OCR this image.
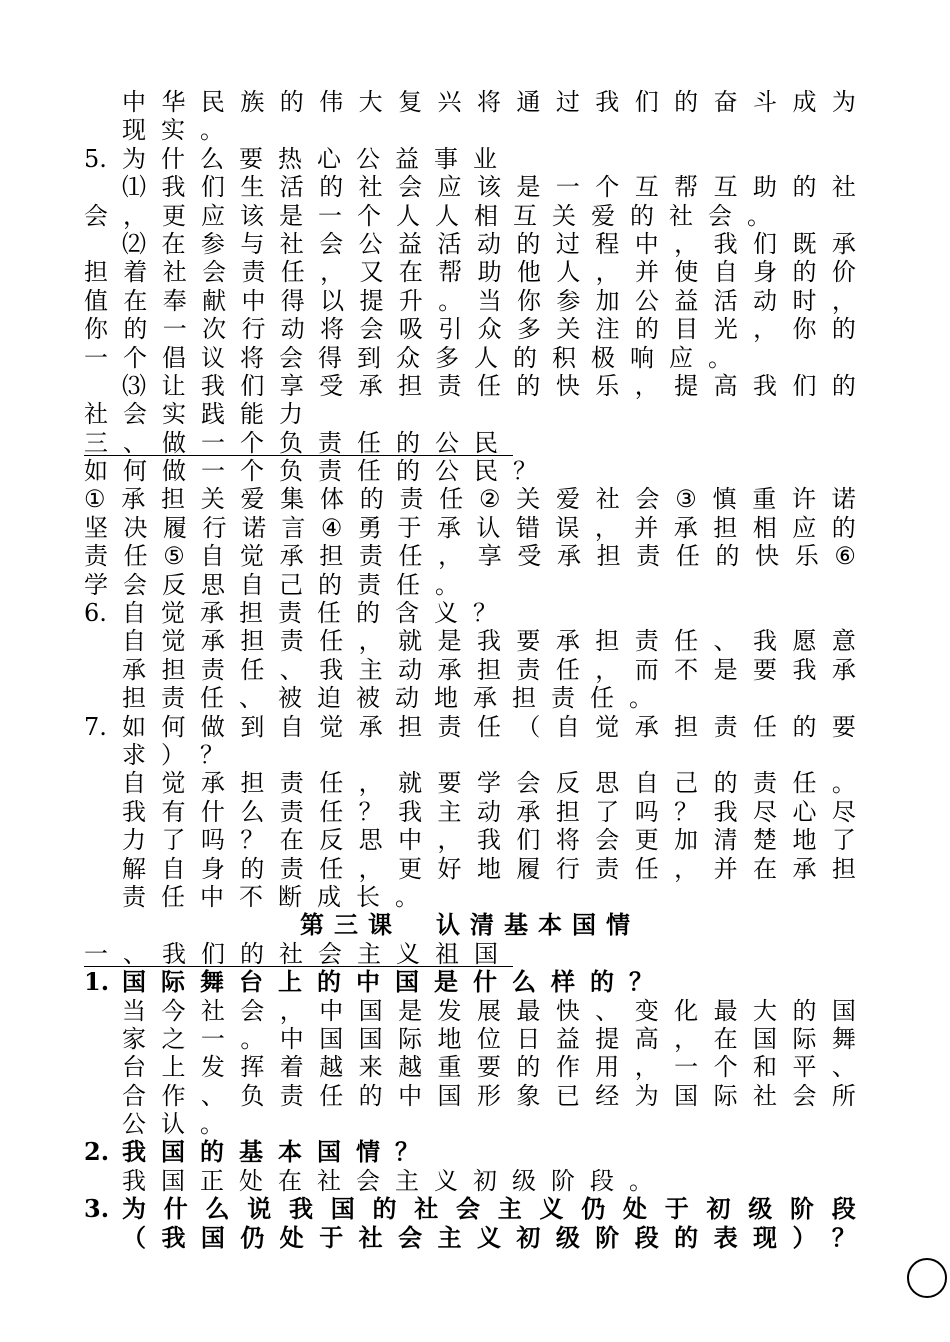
中 华 民 族 的 伟 大 复 兴 将 通 过 我 们 的 奋 斗 成 为
现实。
5. 为什么要热心公益事业
⑴ 我 们 生 活 的 社 会 应 该 是 一 个 互 帮 互 助 的 社
会，更应该是一个人人相互关爱的社会。
⑵ 在 参 与 社 会 公 益 活 动 的 过 程 中 ， 我 们 既 承
担 着 社 会 责 任 ， 又 在 帮 助 他 人 ， 并 使 自 身 的 价
值 在 奉 献 中 得 以 提 升 。 当 你 参 加 公 益 活 动 时 ，
你 的 一 次 行 动 将 会 吸 引 众 多 关 注 的 目 光 ， 你 的
一个倡议将会得到众多人的积极响应。
⑶ 让 我 们 享 受 承 担 责 任 的 快 乐 ， 提 高 我 们 的
社会实践能力
三、做一个负责任的公民
如何做一个负责任的公民？
① 承 担 关 爱 集 体 的 责 任 ② 关 爱 社 会 ③ 慎 重 许 诺
坚 决 履 行 诺 言 ④ 勇 于 承 认 错 误 ， 并 承 担 相 应 的
责 任 ⑤ 自 觉 承 担 责 任 ， 享 受 承 担 责 任 的 快 乐 ⑥
学会反思自己的责任。
6. 自觉承担责任的含义？
自 觉 承 担 责 任 ， 就 是 我 要 承 担 责 任 、 我 愿 意
承 担 责 任 、 我 主 动 承 担 责 任 ， 而 不 是 要 我 承
担责任、被迫被动地承担责任。
7. 如 何 做 到 自 觉 承 担 责 任 （ 自 觉 承 担 责 任 的 要
求）？
自 觉 承 担 责 任 ， 就 要 学 会 反 思 自 己 的 责 任 。
我 有 什 么 责 任 ？ 我 主 动 承 担 了 吗 ？ 我 尽 心 尽
力 了 吗 ？ 在 反 思 中 ， 我 们 将 会 更 加 清 楚 地 了
解 自 身 的 责 任 ， 更 好 地 履 行 责 任 ， 并 在 承 担
责任中不断成长。
第三课　认清基本国情
一、我们的社会主义祖国
1. 国际舞台上的中国是什么样的？
当 今 社 会 ， 中 国 是 发 展 最 快 、 变 化 最 大 的 国
家 之 一 。 中 国 国 际 地 位 日 益 提 高 ， 在 国 际 舞
台 上 发 挥 着 越 来 越 重 要 的 作 用 ， 一 个 和 平 、
合 作 、 负 责 任 的 中 国 形 象 已 经 为 国 际 社 会 所
公认。
2. 我国的基本国情？
我国正处在社会主义初级阶段。
3. 为 什 么 说 我 国 的 社 会 主 义 仍 处 于 初 级 阶 段
（ 我 国 仍 处 于 社 会 主 义 初 级 阶 段 的 表 现 ） ？
